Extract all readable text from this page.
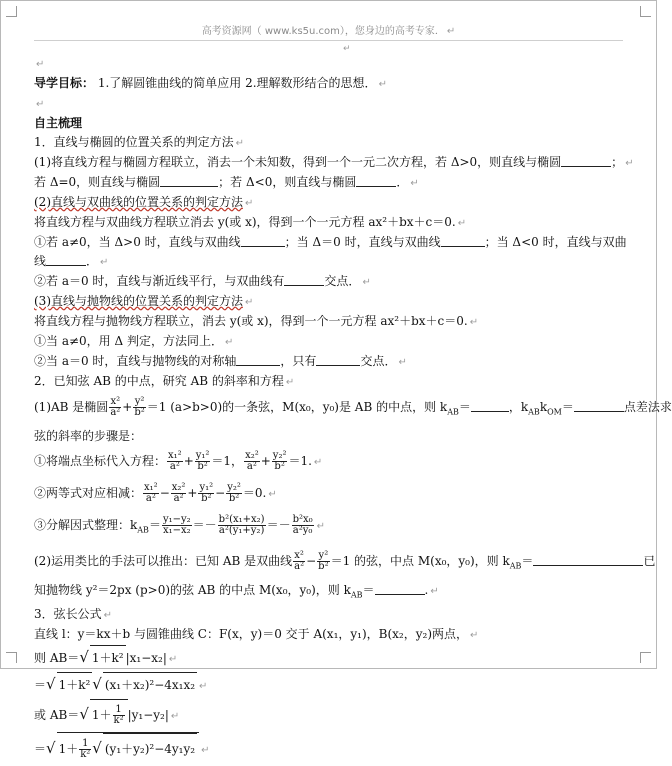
高考资源网（ www.ks5u.com），您身边的高考专家． ↵
↵
↵
导学目标： 1.了解圆锥曲线的简单应用 2.理解数形结合的思想． ↵
↵
自主梳理
1．直线与椭圆的位置关系的判定方法 ↵
(1)将直线方程与椭圆方程联立，消去一个未知数，得到一个一元二次方程，若 Δ>0，则直线与椭圆	； ↵
若 Δ=0，则直线与椭圆	；若 Δ<0，则直线与椭圆	． ↵
(2)直线与双曲线的位置关系的判定方法 ↵
将直线方程与双曲线方程联立消去 y(或 x)，得到一个一元方程 ax²＋bx＋c＝0. ↵
①若 a≠0，当 Δ>0 时，直线与双曲线	；当 Δ＝0 时，直线与双曲线	；当 Δ<0 时，直线与双曲
线	． ↵
②若 a＝0 时，直线与渐近线平行，与双曲线有	交点． ↵
(3)直线与抛物线的位置关系的判定方法 ↵
将直线方程与抛物线方程联立，消去 y(或 x)，得到一个一元方程 ax²＋bx＋c＝0. ↵
①当 a≠0，用 Δ 判定，方法同上． ↵
②当 a＝0 时，直线与抛物线的对称轴	，只有	交点． ↵
2．已知弦 AB 的中点，研究 AB 的斜率和方程 ↵
(1)AB 是椭圆 $\frac{\text{x²}}{\text{a²}} + \frac{\text{y²}}{\text{b²}} =1$ (a>b>0)的一条弦，M(x₀，y₀)是 AB 的中点，则 $k_{AB}=$	，$k_{AB}k_{OM}=$	点差法求
弦的斜率的步骤是：
①将端点坐标代入方程： $\frac{\text{x₁²}}{\text{a²}} + \frac{\text{y₁²}}{\text{b²}} =1$， $\frac{\text{x₂²}}{\text{a²}} + \frac{\text{y₂²}}{\text{b²}} =1$. ↵
②两等式对应相减： $\frac{\text{x₁²}}{\text{a²}} - \frac{\text{x₂²}}{\text{a²}} + \frac{\text{y₁²}}{\text{b²}} - \frac{\text{y₂²}}{\text{b²}} =0$. ↵
③分解因式整理：$k_{AB}= \frac{\text{y₁−y₂}}{\text{x₁−x₂}} =- \frac{\text{b²(x₁+x₂)}}{\text{a²(y₁+y₂)}} =- \frac{\text{b²x₀}}{\text{a²y₀}}$ ↵
(2)运用类比的手法可以推出：已知 AB 是双曲线 $\frac{\text{x²}}{\text{a²}} - \frac{\text{y²}}{\text{b²}} =1$ 的弦，中点 M(x₀，y₀)，则 $k_{AB}=$	已
知抛物线 y²＝2px (p>0)的弦 AB 的中点 M(x₀，y₀)，则 $k_{AB}=$	. ↵
3．弦长公式 ↵
直线 l：y＝kx＋b 与圆锥曲线 C：F(x，y)＝0 交于 A(x₁，y₁)，B(x₂，y₂)两点， ↵
则 AB＝√ 1＋k² |x₁−x₂| ↵
＝√ 1＋k² √ (x₁＋x₂)²−4x₁x₂ ↵
或 AB＝√ $1+ \frac{1}{\text{k²}} |y_1-y_2|$ ↵
＝√ $1+ \frac{1}{\text{k²}}$ √ (y₁＋y₂)²−4y₁y₂ ↵
